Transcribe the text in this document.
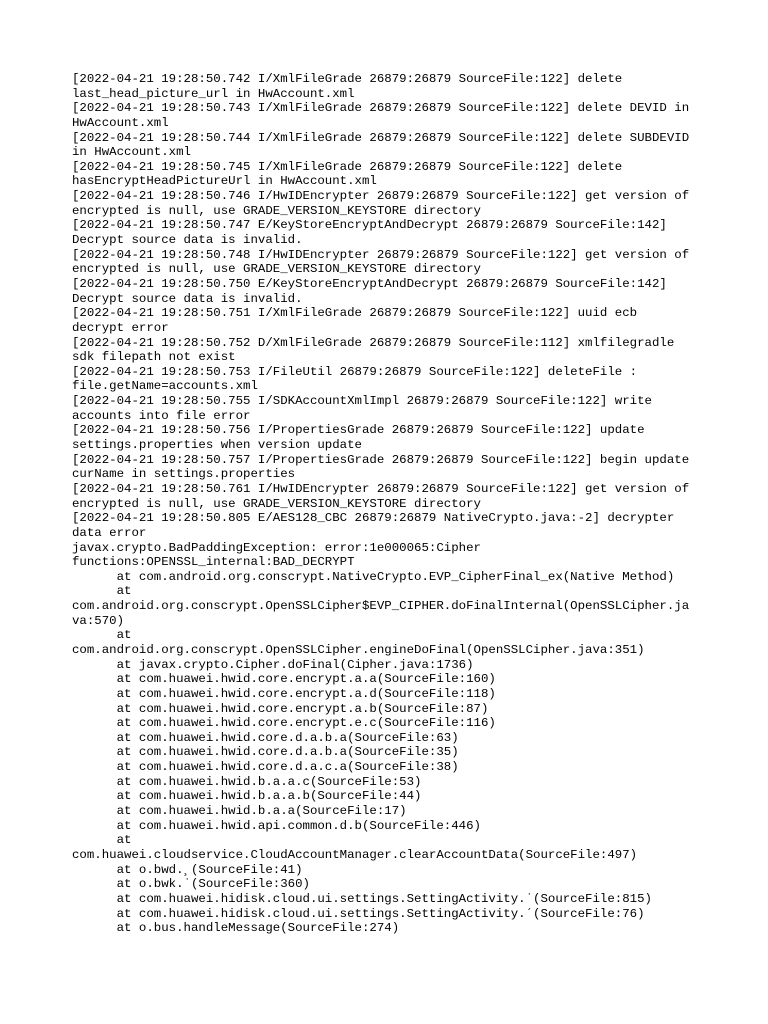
[2022-04-21 19:28:50.742 I/XmlFileGrade 26879:26879 SourceFile:122] delete
last_head_picture_url in HwAccount.xml
[2022-04-21 19:28:50.743 I/XmlFileGrade 26879:26879 SourceFile:122] delete DEVID in
HwAccount.xml
[2022-04-21 19:28:50.744 I/XmlFileGrade 26879:26879 SourceFile:122] delete SUBDEVID
in HwAccount.xml
[2022-04-21 19:28:50.745 I/XmlFileGrade 26879:26879 SourceFile:122] delete
hasEncryptHeadPictureUrl in HwAccount.xml
[2022-04-21 19:28:50.746 I/HwIDEncrypter 26879:26879 SourceFile:122] get version of
encrypted is null, use GRADE_VERSION_KEYSTORE directory
[2022-04-21 19:28:50.747 E/KeyStoreEncryptAndDecrypt 26879:26879 SourceFile:142]
Decrypt source data is invalid.
[2022-04-21 19:28:50.748 I/HwIDEncrypter 26879:26879 SourceFile:122] get version of
encrypted is null, use GRADE_VERSION_KEYSTORE directory
[2022-04-21 19:28:50.750 E/KeyStoreEncryptAndDecrypt 26879:26879 SourceFile:142]
Decrypt source data is invalid.
[2022-04-21 19:28:50.751 I/XmlFileGrade 26879:26879 SourceFile:122] uuid ecb
decrypt error
[2022-04-21 19:28:50.752 D/XmlFileGrade 26879:26879 SourceFile:112] xmlfilegradle
sdk filepath not exist
[2022-04-21 19:28:50.753 I/FileUtil 26879:26879 SourceFile:122] deleteFile :
file.getName=accounts.xml
[2022-04-21 19:28:50.755 I/SDKAccountXmlImpl 26879:26879 SourceFile:122] write
accounts into file error
[2022-04-21 19:28:50.756 I/PropertiesGrade 26879:26879 SourceFile:122] update
settings.properties when version update
[2022-04-21 19:28:50.757 I/PropertiesGrade 26879:26879 SourceFile:122] begin update
curName in settings.properties
[2022-04-21 19:28:50.761 I/HwIDEncrypter 26879:26879 SourceFile:122] get version of
encrypted is null, use GRADE_VERSION_KEYSTORE directory
[2022-04-21 19:28:50.805 E/AES128_CBC 26879:26879 NativeCrypto.java:-2] decrypter
data error
javax.crypto.BadPaddingException: error:1e000065:Cipher
functions:OPENSSL_internal:BAD_DECRYPT
at com.android.org.conscrypt.NativeCrypto.EVP_CipherFinal_ex(Native Method)
at
com.android.org.conscrypt.OpenSSLCipher$EVP_CIPHER.doFinalInternal(OpenSSLCipher.ja
va:570)
at
com.android.org.conscrypt.OpenSSLCipher.engineDoFinal(OpenSSLCipher.java:351)
at javax.crypto.Cipher.doFinal(Cipher.java:1736)
at com.huawei.hwid.core.encrypt.a.a(SourceFile:160)
at com.huawei.hwid.core.encrypt.a.d(SourceFile:118)
at com.huawei.hwid.core.encrypt.a.b(SourceFile:87)
at com.huawei.hwid.core.encrypt.e.c(SourceFile:116)
at com.huawei.hwid.core.d.a.b.a(SourceFile:63)
at com.huawei.hwid.core.d.a.b.a(SourceFile:35)
at com.huawei.hwid.core.d.a.c.a(SourceFile:38)
at com.huawei.hwid.b.a.a.c(SourceFile:53)
at com.huawei.hwid.b.a.a.b(SourceFile:44)
at com.huawei.hwid.b.a.a(SourceFile:17)
at com.huawei.hwid.api.common.d.b(SourceFile:446)
at
com.huawei.cloudservice.CloudAccountManager.clearAccountData(SourceFile:497)
at o.bwd.¸(SourceFile:41)
at o.bwk.˙(SourceFile:360)
at com.huawei.hidisk.cloud.ui.settings.SettingActivity.˙(SourceFile:815)
at com.huawei.hidisk.cloud.ui.settings.SettingActivity.ˊ(SourceFile:76)
at o.bus.handleMessage(SourceFile:274)
